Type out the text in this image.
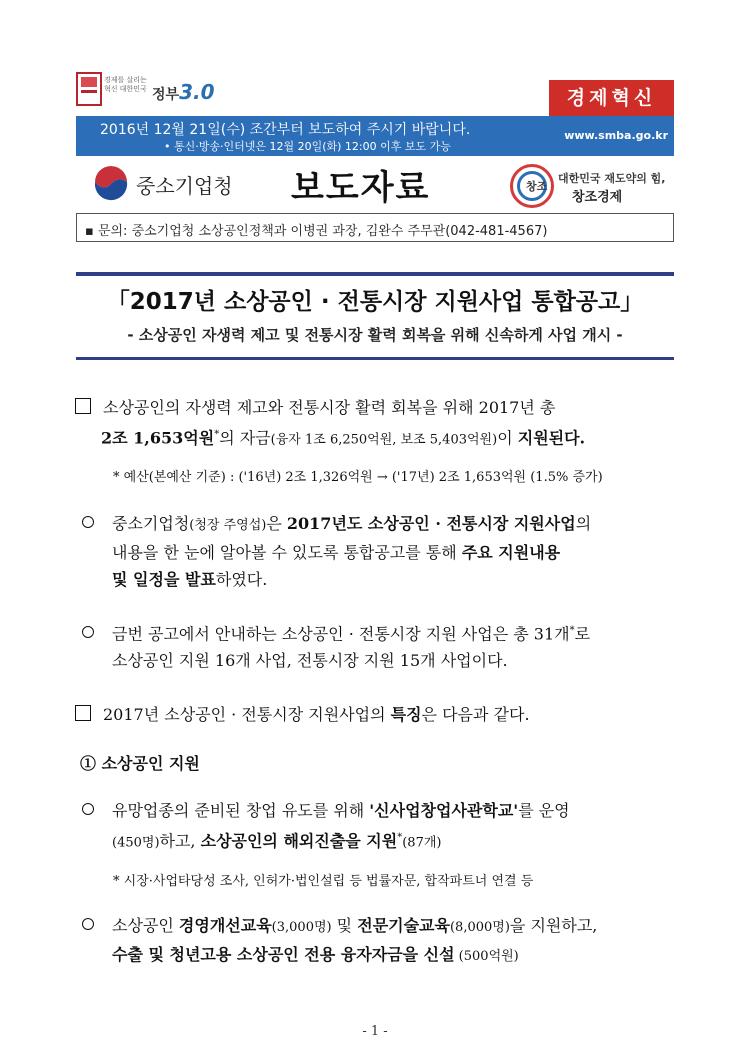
경제를 살리는 혁신 대한민국 정부3.0	경제혁신
2016년 12월 21일(수) 조간부터 보도하여 주시기 바랍니다.
• 통신·방송·인터넷은 12월 20일(화) 12:00 이후 보도 가능
www.smba.go.kr
중소기업청 보도자료	창조
대한민국 재도약의 힘,
창조경제
▪ 문의: 중소기업청 소상공인정책과 이병권 과장, 김완수 주무관(042-481-4567)
「2017년 소상공인 · 전통시장 지원사업 통합공고」
- 소상공인 자생력 제고 및 전통시장 활력 회복을 위해 신속하게 사업 개시 -
소상공인의 자생력 제고와 전통시장 활력 회복을 위해 2017년 총
2조 1,653억원*의 자금(융자 1조 6,250억원, 보조 5,403억원)이 지원된다.
* 예산(본예산 기준) : ('16년) 2조 1,326억원 → ('17년) 2조 1,653억원 (1.5% 증가)
중소기업청(청장 주영섭)은 2017년도 소상공인 · 전통시장 지원사업의
내용을 한 눈에 알아볼 수 있도록 통합공고를 통해 주요 지원내용
및 일정을 발표하였다.
금번 공고에서 안내하는 소상공인 · 전통시장 지원 사업은 총 31개*로
소상공인 지원 16개 사업, 전통시장 지원 15개 사업이다.
2017년 소상공인 · 전통시장 지원사업의 특징은 다음과 같다.
① 소상공인 지원
유망업종의 준비된 창업 유도를 위해 '신사업창업사관학교'를 운영
(450명)하고, 소상공인의 해외진출을 지원*(87개)
* 시장·사업타당성 조사, 인허가·법인설립 등 법률자문, 합작파트너 연결 등
소상공인 경영개선교육(3,000명) 및 전문기술교육(8,000명)을 지원하고,
수출 및 청년고용 소상공인 전용 융자자금을 신설 (500억원)
- 1 -
